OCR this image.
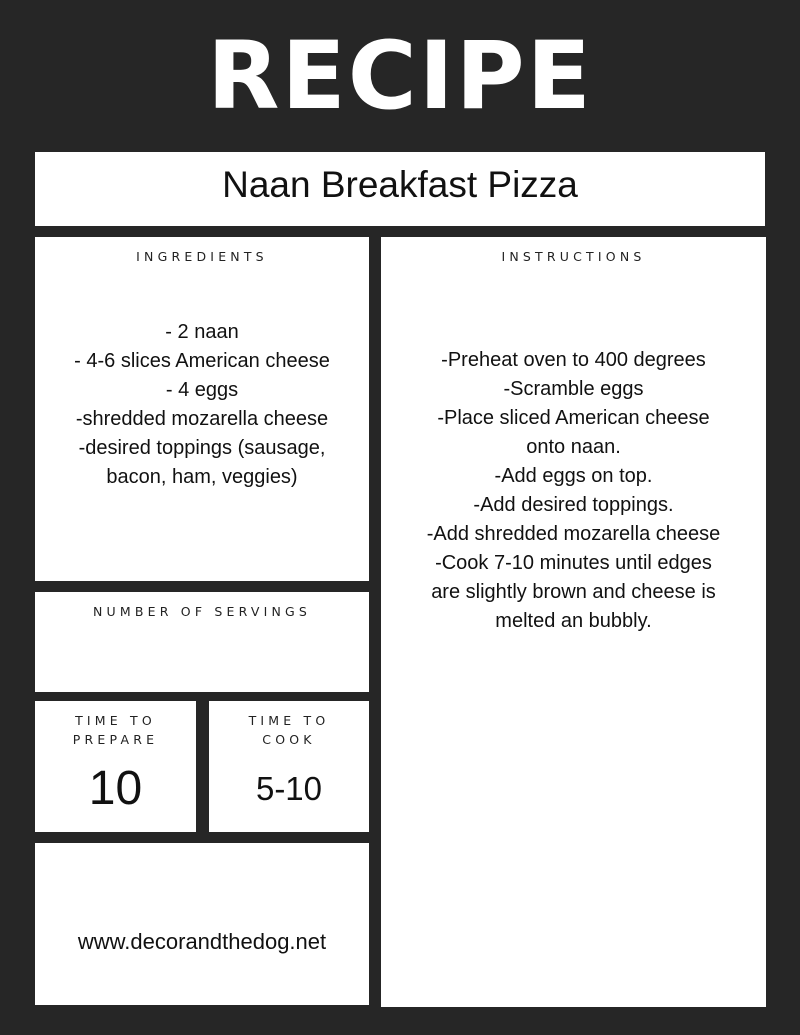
RECIPE
Naan Breakfast Pizza
INGREDIENTS
- 2 naan
- 4-6 slices American cheese
- 4 eggs
-shredded mozarella cheese
-desired toppings (sausage,
bacon, ham, veggies)
INSTRUCTIONS
-Preheat oven to 400 degrees
-Scramble eggs
-Place sliced American cheese
onto naan.
-Add eggs on top.
-Add desired toppings.
-Add shredded mozarella cheese
-Cook 7-10 minutes until edges
are slightly brown and cheese is
melted an bubbly.
NUMBER OF SERVINGS
TIME TO
PREPARE
10
TIME TO
COOK
5-10
www.decorandthedog.net
